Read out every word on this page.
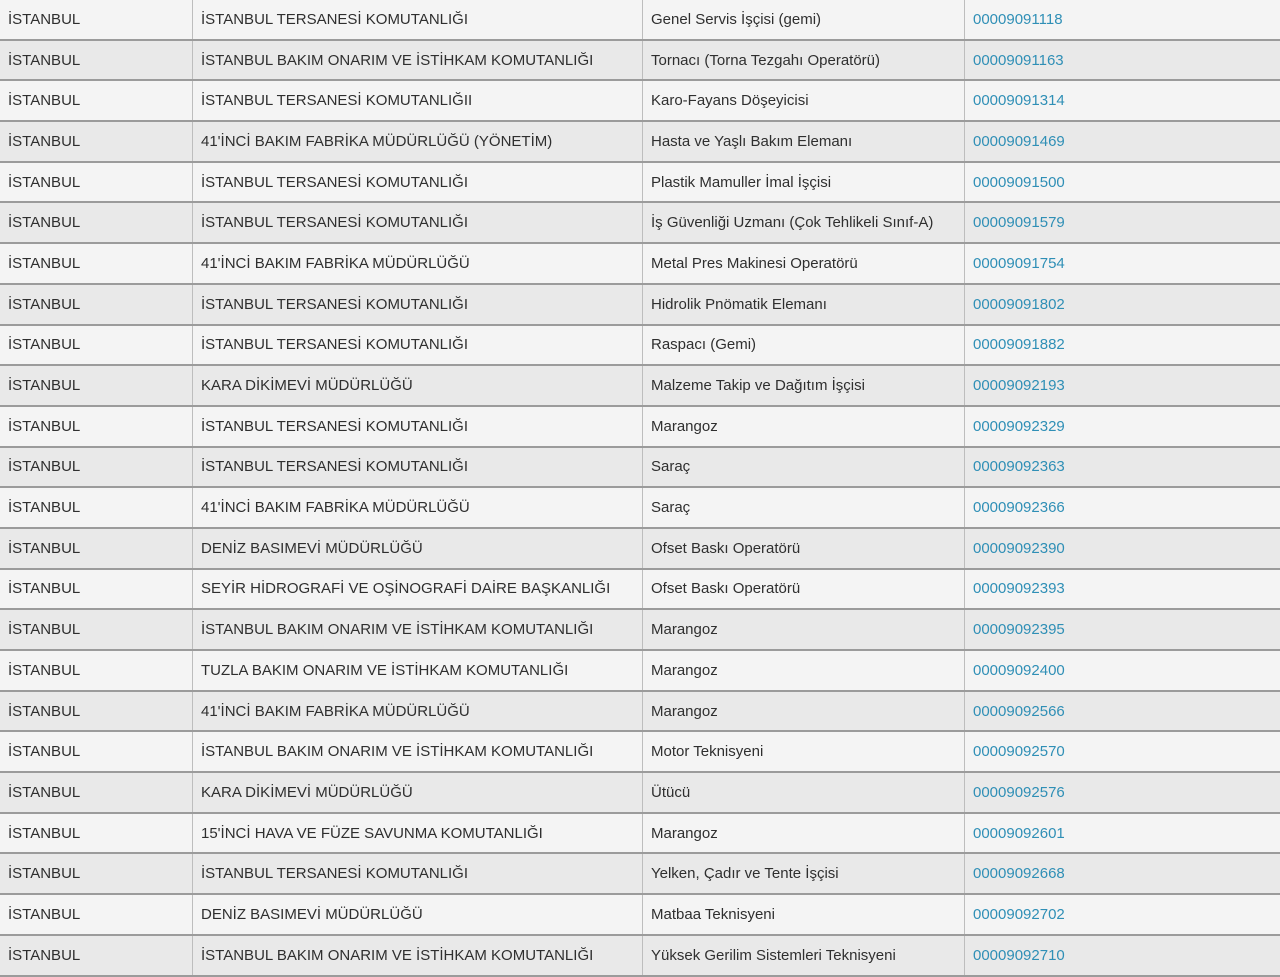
İSTANBUL	İSTANBUL TERSANESİ KOMUTANLIĞI	Genel Servis İşçisi (gemi)	00009091118
İSTANBUL	İSTANBUL BAKIM ONARIM VE İSTİHKAM KOMUTANLIĞI	Tornacı (Torna Tezgahı Operatörü)	00009091163
İSTANBUL	İSTANBUL TERSANESİ KOMUTANLIĞII	Karo-Fayans Döşeyicisi	00009091314
İSTANBUL	41'İNCİ BAKIM FABRİKA MÜDÜRLÜĞÜ (YÖNETİM)	Hasta ve Yaşlı Bakım Elemanı	00009091469
İSTANBUL	İSTANBUL TERSANESİ KOMUTANLIĞI	Plastik Mamuller İmal İşçisi	00009091500
İSTANBUL	İSTANBUL TERSANESİ KOMUTANLIĞI	İş Güvenliği Uzmanı (Çok Tehlikeli Sınıf-A)	00009091579
İSTANBUL	41'İNCİ BAKIM FABRİKA MÜDÜRLÜĞÜ	Metal Pres Makinesi Operatörü	00009091754
İSTANBUL	İSTANBUL TERSANESİ KOMUTANLIĞI	Hidrolik Pnömatik Elemanı	00009091802
İSTANBUL	İSTANBUL TERSANESİ KOMUTANLIĞI	Raspacı (Gemi)	00009091882
İSTANBUL	KARA DİKİMEVİ MÜDÜRLÜĞÜ	Malzeme Takip ve Dağıtım İşçisi	00009092193
İSTANBUL	İSTANBUL TERSANESİ KOMUTANLIĞI	Marangoz	00009092329
İSTANBUL	İSTANBUL TERSANESİ KOMUTANLIĞI	Saraç	00009092363
İSTANBUL	41'İNCİ BAKIM FABRİKA MÜDÜRLÜĞÜ	Saraç	00009092366
İSTANBUL	DENİZ BASIMEVİ MÜDÜRLÜĞÜ	Ofset Baskı Operatörü	00009092390
İSTANBUL	SEYİR HİDROGRAFİ VE OŞİNOGRAFİ DAİRE BAŞKANLIĞI	Ofset Baskı Operatörü	00009092393
İSTANBUL	İSTANBUL BAKIM ONARIM VE İSTİHKAM KOMUTANLIĞI	Marangoz	00009092395
İSTANBUL	TUZLA BAKIM ONARIM VE İSTİHKAM KOMUTANLIĞI	Marangoz	00009092400
İSTANBUL	41'İNCİ BAKIM FABRİKA MÜDÜRLÜĞÜ	Marangoz	00009092566
İSTANBUL	İSTANBUL BAKIM ONARIM VE İSTİHKAM KOMUTANLIĞI	Motor Teknisyeni	00009092570
İSTANBUL	KARA DİKİMEVİ MÜDÜRLÜĞÜ	Ütücü	00009092576
İSTANBUL	15'İNCİ HAVA VE FÜZE SAVUNMA KOMUTANLIĞI	Marangoz	00009092601
İSTANBUL	İSTANBUL TERSANESİ KOMUTANLIĞI	Yelken, Çadır ve Tente İşçisi	00009092668
İSTANBUL	DENİZ BASIMEVİ MÜDÜRLÜĞÜ	Matbaa Teknisyeni	00009092702
İSTANBUL	İSTANBUL BAKIM ONARIM VE İSTİHKAM KOMUTANLIĞI	Yüksek Gerilim Sistemleri Teknisyeni	00009092710
